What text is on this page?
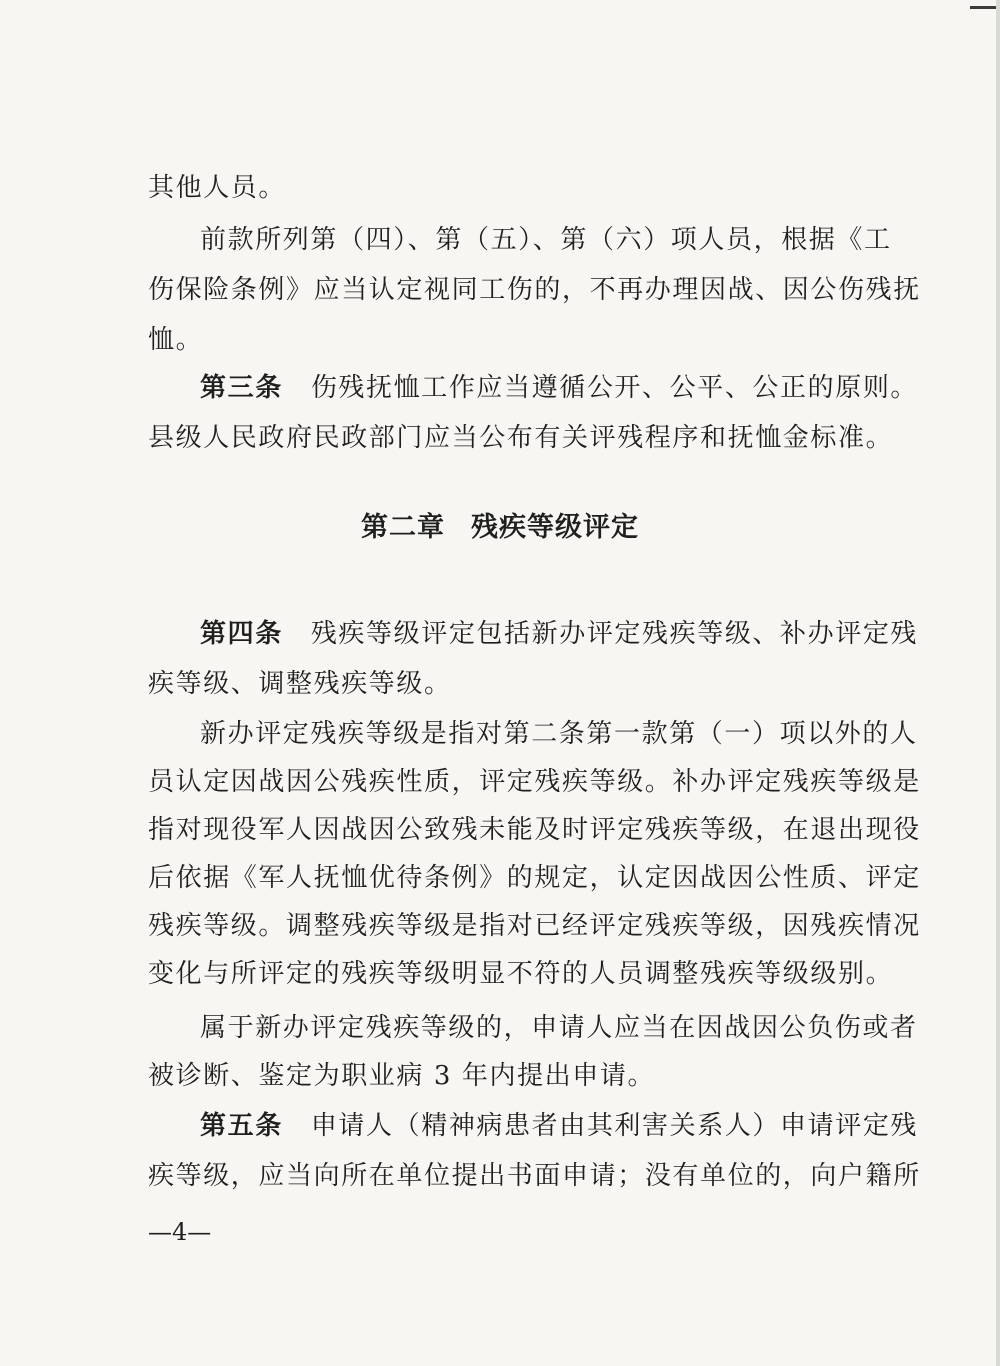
其他人员。
前款所列第（四）、第（五）、第（六）项人员，根据《工
伤保险条例》应当认定视同工伤的，不再办理因战、因公伤残抚
恤。
第三条 伤残抚恤工作应当遵循公开、公平、公正的原则。
县级人民政府民政部门应当公布有关评残程序和抚恤金标准。
第二章 残疾等级评定
第四条 残疾等级评定包括新办评定残疾等级、补办评定残
疾等级、调整残疾等级。
新办评定残疾等级是指对第二条第一款第（一）项以外的人
员认定因战因公残疾性质，评定残疾等级。补办评定残疾等级是
指对现役军人因战因公致残未能及时评定残疾等级，在退出现役
后依据《军人抚恤优待条例》的规定，认定因战因公性质、评定
残疾等级。调整残疾等级是指对已经评定残疾等级，因残疾情况
变化与所评定的残疾等级明显不符的人员调整残疾等级级别。
属于新办评定残疾等级的，申请人应当在因战因公负伤或者
被诊断、鉴定为职业病 3 年内提出申请。
第五条 申请人（精神病患者由其利害关系人）申请评定残
疾等级，应当向所在单位提出书面申请；没有单位的，向户籍所
—4—
